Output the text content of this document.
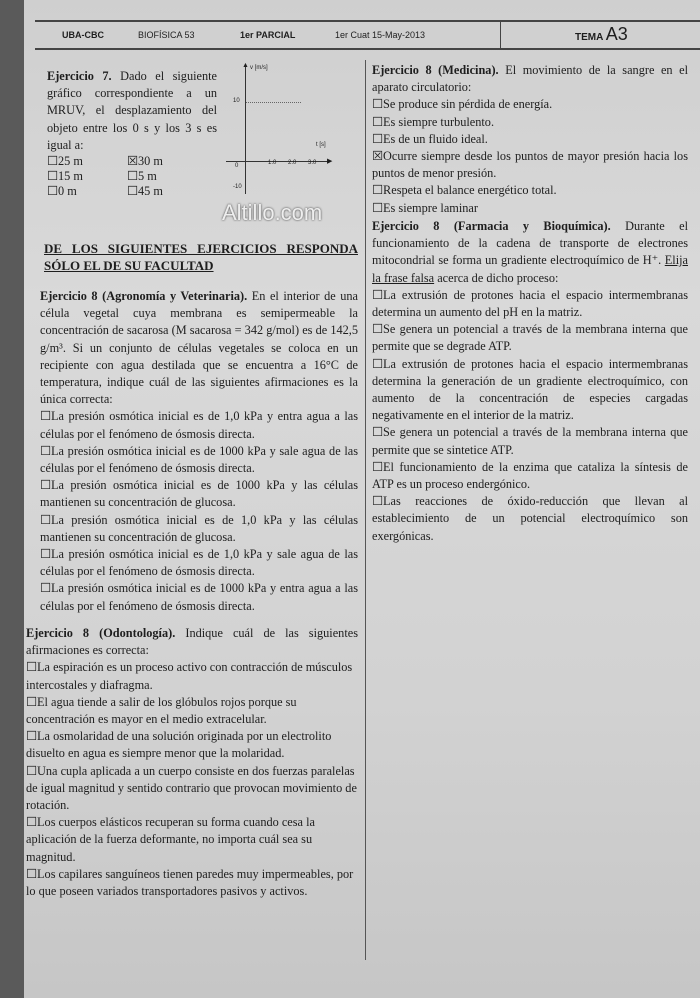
UBA-CBC	BIOFÍSICA 53	1er PARCIAL	1er Cuat 15-May-2013	TEMA A3
Ejercicio 7. Dado el siguiente gráfico correspondiente a un MRUV, el desplazamiento del objeto entre los 0 s y los 3 s es igual a:
☐ 25 m	☒ 30 m
☐ 15 m	☐ 5 m
☐ 0 m	☐ 45 m
▲
▶
v [m/s]
t [s]
10
0
-10
1.0 2.0 3.0
Altillo.com
DE LOS SIGUIENTES EJERCICIOS RESPONDA SÓLO EL DE SU FACULTAD
Ejercicio 8 (Agronomía y Veterinaria). En el interior de una célula vegetal cuya membrana es semipermeable la concentración de sacarosa (M sacarosa = 342 g/mol) es de 142,5 g/m³. Si un conjunto de células vegetales se coloca en un recipiente con agua destilada que se encuentra a 16°C de temperatura, indique cuál de las siguientes afirmaciones es la única correcta:
☐ La presión osmótica inicial es de 1,0 kPa y entra agua a las células por el fenómeno de ósmosis directa.
☐ La presión osmótica inicial es de 1000 kPa y sale agua de las células por el fenómeno de ósmosis directa.
☐ La presión osmótica inicial es de 1000 kPa y las células mantienen su concentración de glucosa.
☐ La presión osmótica inicial es de 1,0 kPa y las células mantienen su concentración de glucosa.
☐ La presión osmótica inicial es de 1,0 kPa y sale agua de las células por el fenómeno de ósmosis directa.
☐ La presión osmótica inicial es de 1000 kPa y entra agua a las células por el fenómeno de ósmosis directa.
Ejercicio 8 (Odontología). Indique cuál de las siguientes afirmaciones es correcta:
☐ La espiración es un proceso activo con contracción de músculos intercostales y diafragma.
☐ El agua tiende a salir de los glóbulos rojos porque su concentración es mayor en el medio extracelular.
☐ La osmolaridad de una solución originada por un electrolito disuelto en agua es siempre menor que la molaridad.
☐ Una cupla aplicada a un cuerpo consiste en dos fuerzas paralelas de igual magnitud y sentido contrario que provocan movimiento de rotación.
☐ Los cuerpos elásticos recuperan su forma cuando cesa la aplicación de la fuerza deformante, no importa cuál sea su magnitud.
☐ Los capilares sanguíneos tienen paredes muy impermeables, por lo que poseen variados transportadores pasivos y activos.
Ejercicio 8 (Medicina). El movimiento de la sangre en el aparato circulatorio:
☐ Se produce sin pérdida de energía.
☐ Es siempre turbulento.
☐ Es de un fluido ideal.
☒ Ocurre siempre desde los puntos de mayor presión hacia los puntos de menor presión.
☐ Respeta el balance energético total.
☐ Es siempre laminar
Ejercicio 8 (Farmacia y Bioquímica). Durante el funcionamiento de la cadena de transporte de electrones mitocondrial se forma un gradiente electroquímico de H⁺. Elija la frase falsa acerca de dicho proceso:
☐ La extrusión de protones hacia el espacio intermembranas determina un aumento del pH en la matriz.
☐ Se genera un potencial a través de la membrana interna que permite que se degrade ATP.
☐ La extrusión de protones hacia el espacio intermembranas determina la generación de un gradiente electroquímico, con aumento de la concentración de especies cargadas negativamente en el interior de la matriz.
☐ Se genera un potencial a través de la membrana interna que permite que se sintetice ATP.
☐ El funcionamiento de la enzima que cataliza la síntesis de ATP es un proceso endergónico.
☐ Las reacciones de óxido-reducción que llevan al establecimiento de un potencial electroquímico son exergónicas.
